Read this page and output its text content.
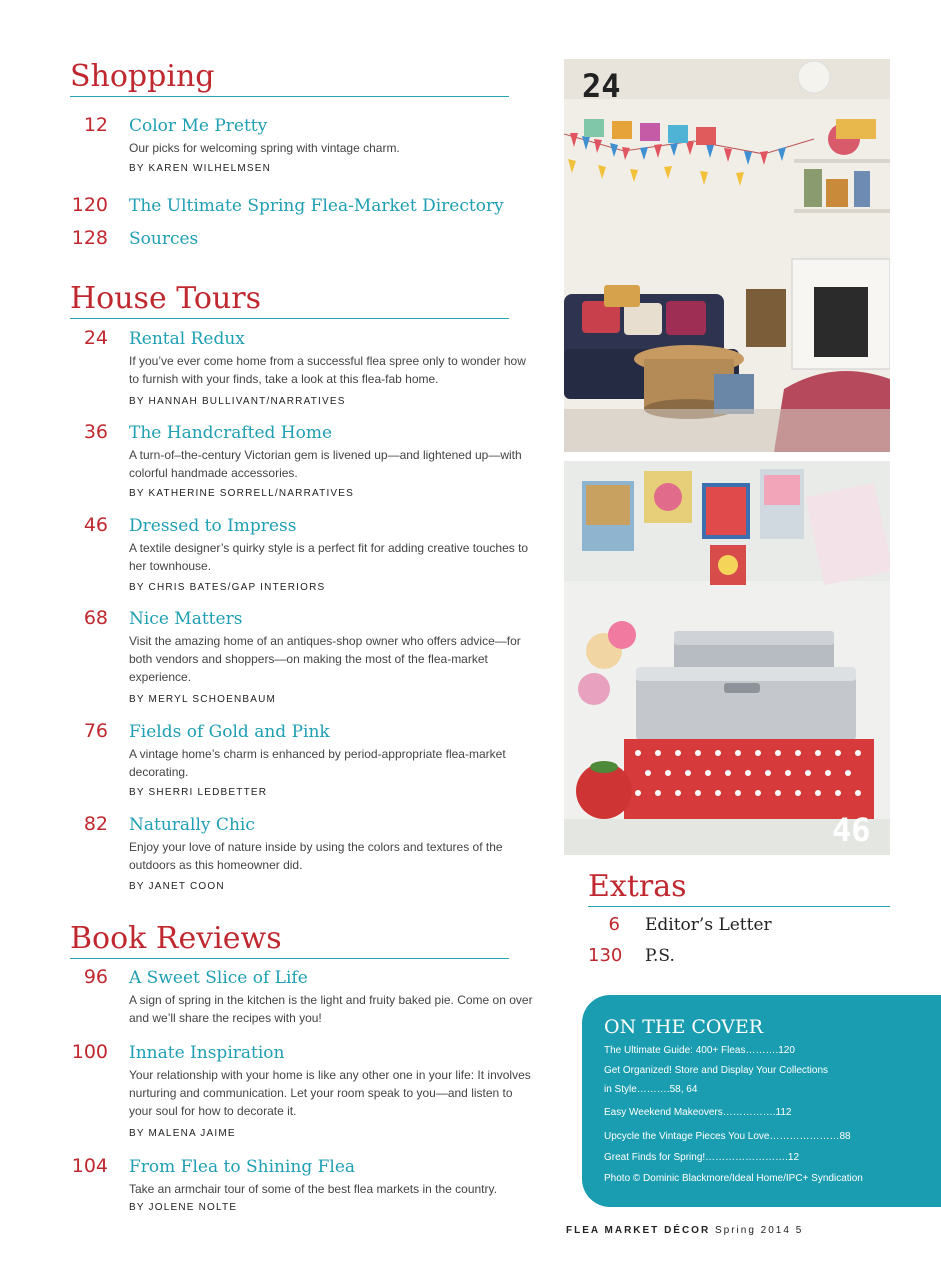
Shopping
12 Color Me Pretty
Our picks for welcoming spring with vintage charm.
BY KAREN WILHELMSEN
120 The Ultimate Spring Flea-Market Directory
128 Sources
House Tours
24 Rental Redux
If you’ve ever come home from a successful flea spree only to wonder how to furnish with your finds, take a look at this flea-fab home.
BY HANNAH BULLIVANT/NARRATIVES
36 The Handcrafted Home
A turn-of–the-century Victorian gem is livened up—and lightened up—with colorful handmade accessories.
BY KATHERINE SORRELL/NARRATIVES
46 Dressed to Impress
A textile designer’s quirky style is a perfect fit for adding creative touches to her townhouse.
BY CHRIS BATES/GAP INTERIORS
68 Nice Matters
Visit the amazing home of an antiques-shop owner who offers advice—for both vendors and shoppers—on making the most of the flea-market experience.
BY MERYL SCHOENBAUM
76 Fields of Gold and Pink
A vintage home’s charm is enhanced by period-appropriate flea-market decorating.
BY SHERRI LEDBETTER
82 Naturally Chic
Enjoy your love of nature inside by using the colors and textures of the outdoors as this homeowner did.
BY JANET COON
Book Reviews
96 A Sweet Slice of Life
A sign of spring in the kitchen is the light and fruity baked pie. Come on over and we’ll share the recipes with you!
100 Innate Inspiration
Your relationship with your home is like any other one in your life: It involves nurturing and communication. Let your room speak to you—and listen to your soul for how to decorate it.
BY MALENA JAIME
104 From Flea to Shining Flea
Take an armchair tour of some of the best flea markets in the country.
BY JOLENE NOLTE
24
46
Extras
6 Editor’s Letter
130 P.S.
ON THE COVER
The Ultimate Guide: 400+ Fleas……….120
Get Organized! Store and Display Your Collections
in Style……….58, 64
Easy Weekend Makeovers…………….112
Upcycle the Vintage Pieces You Love…………………88
Great Finds for Spring!…………………….12
Photo © Dominic Blackmore/Ideal Home/IPC+ Syndication
FLEA MARKET DÉCOR Spring 2014 5
